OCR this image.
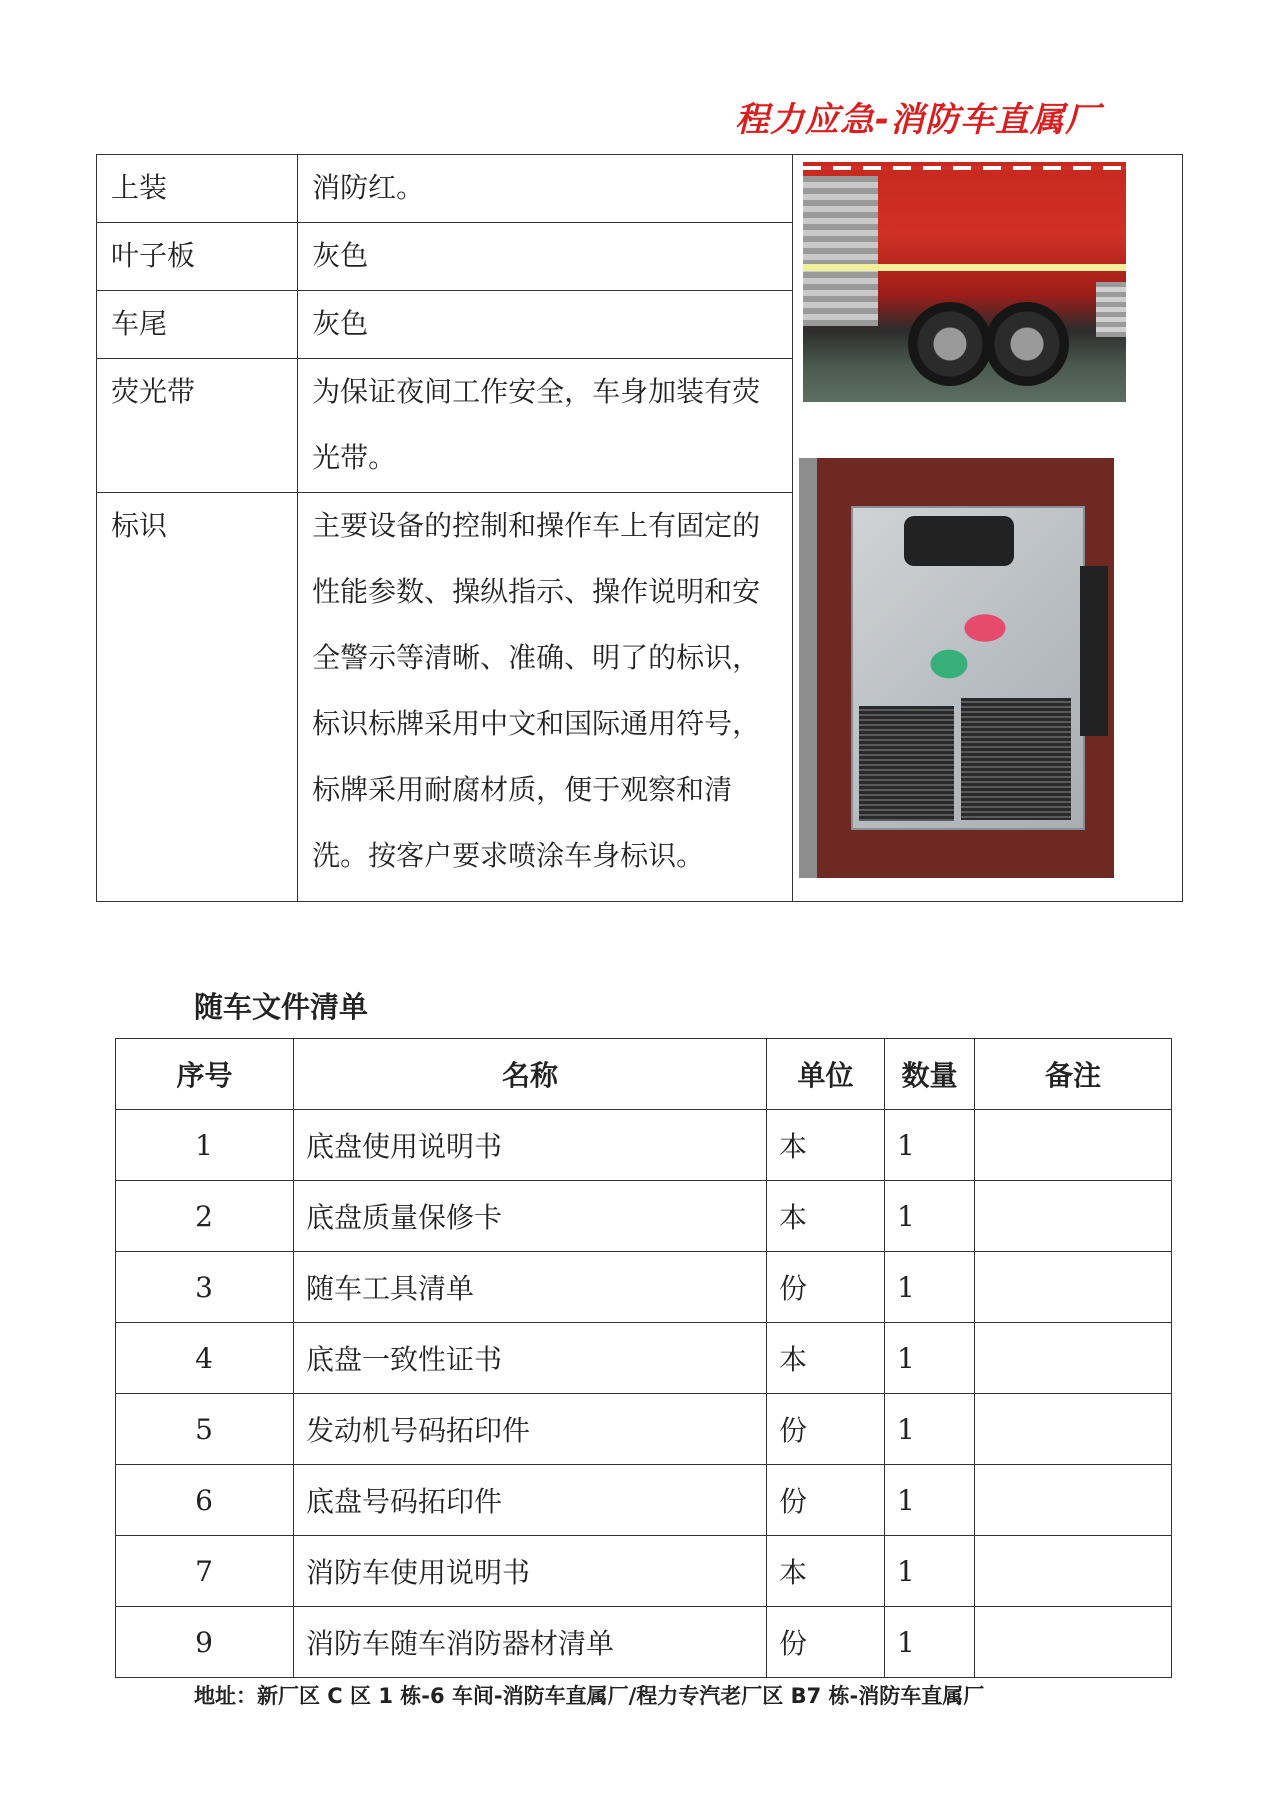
程力应急-消防车直属厂
上装	消防红。	

叶子板	灰色	
车尾	灰色	
荧光带	为保证夜间工作安全，车身加装有荧光带。	
标识	主要设备的控制和操作车上有固定的性能参数、操纵指示、操作说明和安全警示等清晰、准确、明了的标识，标识标牌采用中文和国际通用符号，标牌采用耐腐材质，便于观察和清洗。按客户要求喷涂车身标识。	
随车文件清单
序号	名称	单位	数量	备注
1	底盘使用说明书	本	1	
2	底盘质量保修卡	本	1	
3	随车工具清单	份	1	
4	底盘一致性证书	本	1	
5	发动机号码拓印件	份	1	
6	底盘号码拓印件	份	1	
7	消防车使用说明书	本	1	
9	消防车随车消防器材清单	份	1	
地址：新厂区 C 区 1 栋-6 车间-消防车直属厂/程力专汽老厂区 B7 栋-消防车直属厂
